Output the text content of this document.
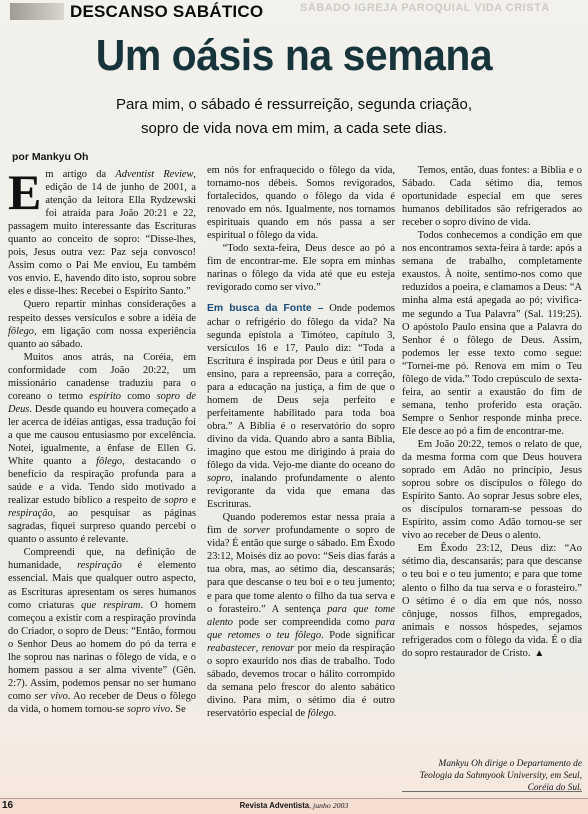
SÁBADO IGREJA PAROQUIAL VIDA CRISTÃ
DESCANSO SABÁTICO
Um oásis na semana
Para mim, o sábado é ressurreição, segunda criação,
sopro de vida nova em mim, a cada sete dias.
por Mankyu Oh

Em artigo da Adventist Review, edição de 14 de junho de 2001, a atenção da leitora Ella Rydzewski foi atraída para João 20:21 e 22, passagem muito interessante das Escrituras quanto ao conceito de sopro: “Disse-lhes, pois, Jesus outra vez: Paz seja convosco! Assim como o Pai Me enviou, Eu também vos envio. E, havendo dito isto, soprou sobre eles e disse-lhes: Recebei o Espírito Santo.”

Quero repartir minhas considerações a respeito desses versículos e sobre a idéia de fôlego, em ligação com nossa experiência quanto ao sábado.

Muitos anos atrás, na Coréia, em conformidade com João 20:22, um missionário canadense traduziu para o coreano o termo espírito como sopro de Deus. Desde quando eu houvera começado a ler acerca de idéias antigas, essa tradução foi a que me causou entusiasmo por excelência. Notei, igualmente, a ênfase de Ellen G. White quanto a fôlego, destacando o benefício da respiração profunda para a saúde e a vida. Tendo sido motivado a realizar estudo bíblico a respeito de sopro e respiração, ao pesquisar as páginas sagradas, fiquei surpreso quando percebi o quanto o assunto é relevante.

Compreendi que, na definição de humanidade, respiração é elemento essencial. Mais que qualquer outro aspecto, as Escrituras apresentam os seres humanos como criaturas que respiram. O homem começou a existir com a respiração provinda do Criador, o sopro de Deus: “Então, formou o Senhor Deus ao homem do pó da terra e lhe soprou nas narinas o fôlego de vida, e o homem passou a ser alma vivente” (Gên. 2:7). Assim, podemos pensar no ser humano como ser vivo. Ao receber de Deus o fôlego da vida, o homem tornou-se sopro vivo. Se

em nós for enfraquecido o fôlego da vida, tornamo-nos débeis. Somos revigorados, fortalecidos, quando o fôlego da vida é renovado em nós. Igualmente, nos tornamos espirituais quando em nós passa a ser espiritual o fôlego da vida.

“Todo sexta-feira, Deus desce ao pó a fim de encontrar-me. Ele sopra em minhas narinas o fôlego da vida até que eu esteja revigorado como ser vivo.”

Em busca da Fonte – Onde podemos achar o refrigério do fôlego da vida? Na segunda epístola a Timóteo, capítulo 3, versículos 16 e 17, Paulo diz: “Toda a Escritura é inspirada por Deus e útil para o ensino, para a repreensão, para a correção, para a educação na justiça, a fim de que o homem de Deus seja perfeito e perfeitamente habilitado para toda boa obra.” A Bíblia é o reservatório do sopro divino da vida. Quando abro a santa Bíblia, imagino que estou me dirigindo à praia do fôlego da vida. Vejo-me diante do oceano do sopro, inalando profundamente o alento revigorante da vida que emana das Escrituras.

Quando poderemos estar nessa praia a fim de sorver profundamente o sopro de vida? É então que surge o sábado. Em Êxodo 23:12, Moisés diz ao povo: “Seis dias farás a tua obra, mas, ao sétimo dia, descansarás; para que descanse o teu boi e o teu jumento; e para que tome alento o filho da tua serva e o forasteiro.” A sentença para que tome alento pode ser compreendida como para que retomes o teu fôlego. Pode significar reabastecer, renovar por meio da respiração o sopro exaurido nos dias de trabalho. Todo sábado, devemos trocar o hálito corrompido da semana pelo frescor do alento sabático divino. Para mim, o sétimo dia é outro reservatório especial de fôlego.

Temos, então, duas fontes: a Bíblia e o Sábado. Cada sétimo dia, temos oportunidade especial em que seres humanos debilitados são refrigerados ao receber o sopro divino de vida.

Todos conhecemos a condição em que nos encontramos sexta-feira à tarde: após a semana de trabalho, completamente exaustos. À noite, sentimo-nos como que reduzidos a poeira, e clamamos a Deus: “A minha alma está apegada ao pó; vivifica-me segundo a Tua Palavra” (Sal. 119:25). O apóstolo Paulo ensina que a Palavra do Senhor é o fôlego de Deus. Assim, podemos ler esse texto como segue: “Tornei-me pó. Renova em mim o Teu fôlego de vida.” Todo crepúsculo de sexta-feira, ao sentir a exaustão do fim de semana, tenho proferido esta oração. Sempre o Senhor responde minha prece. Ele desce ao pó a fim de encontrar-me.

Em João 20:22, temos o relato de que, da mesma forma com que Deus houvera soprado em Adão no princípio, Jesus soprou sobre os discípulos o fôlego do Espírito Santo. Ao soprar Jesus sobre eles, os discípulos tornaram-se pessoas do Espírito, assim como Adão tornou-se ser vivo ao receber de Deus o alento.

Em Êxodo 23:12, Deus diz: “Ao sétimo dia, descansarás; para que descanse o teu boi e o teu jumento; e para que tome alento o filho da tua serva e o forasteiro.” O sétimo é o dia em que nós, nosso cônjuge, nossos filhos, empregados, animais e nossos hóspedes, sejamos refrigerados com o fôlego da vida. É o dia do sopro restaurador de Cristo. ▲

Mankyu Oh dirige o Departamento de Teologia da Sahmyook University, em Seul, Coréia do Sul.
16	Revista Adventista, junho 2003
